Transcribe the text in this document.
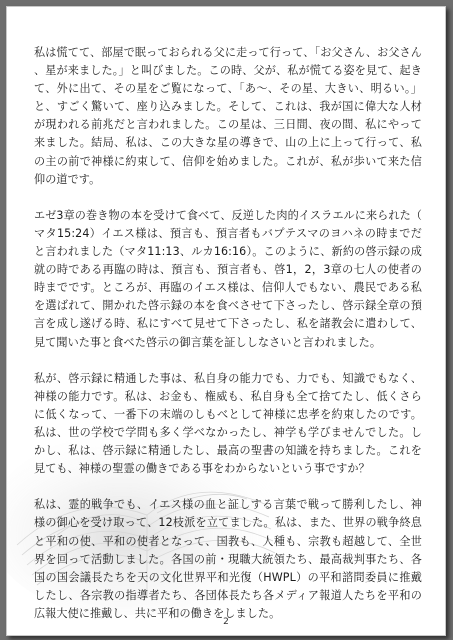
私は慌てて、部屋で眠っておられる父に走って行って、「お父さん、お父さん、星が来ました。」と叫びました。この時、父が、私が慌てる姿を見て、起きて、外に出て、その星をご覧になって、「あ〜、その星、大きい、明るい。」と、すごく驚いて、座り込みました。そして、これは、我が国に偉大な人材が現われる前兆だと言われました。この星は、三日間、夜の間、私にやって来ました。結局、私は、この大きな星の導きで、山の上に上って行って、私の主の前で神様に約束して、信仰を始めました。これが、私が歩いて来た信仰の道です。

エゼ3章の巻き物の本を受けて食べて、反逆した肉的イスラエルに来られた（マタ15:24）イエス様は、預言も、預言者もバプテスマのヨハネの時までだと言われました（マタ11:13、ルカ16:16）。このように、新約の啓示録の成就の時である再臨の時は、預言も、預言者も、啓1，2，3章の七人の使者の時までです。ところが、再臨のイエス様は、信仰人でもない、農民である私を選ばれて、開かれた啓示録の本を食べさせて下さったし、啓示録全章の預言を成し遂げる時、私にすべて見せて下さったし、私を諸教会に遣わして、見て聞いた事と食べた啓示の御言葉を証ししなさいと言われました。

私が、啓示録に精通した事は、私自身の能力でも、力でも、知識でもなく、神様の能力です。私は、お金も、権威も、私自身も全て捨てたし、低くさらに低くなって、一番下の末端のしもべとして神様に忠孝を約束したのです。私は、世の学校で学問も多く学べなかったし、神学も学びませんでした。しかし、私は、啓示録に精通したし、最高の聖書の知識を持ちました。これを見ても、神様の聖霊の働きである事をわからないという事ですか？

私は、霊的戦争でも、イエス様の血と証しする言葉で戦って勝利したし、神様の御心を受け取って、12枝派を立てました。私は、また、世界の戦争終息と平和の使、平和の使者となって、国教も、人種も、宗教も超越して、全世界を回って活動しました。各国の前・現職大統領たち、最高裁判事たち、各国の国会議長たちを天の文化世界平和光復（HWPL）の平和諮問委員に推戴したし、各宗教の指導者たち、各団体長たち各メディア報道人たちを平和の広報大使に推戴し、共に平和の働きをしました。

2
